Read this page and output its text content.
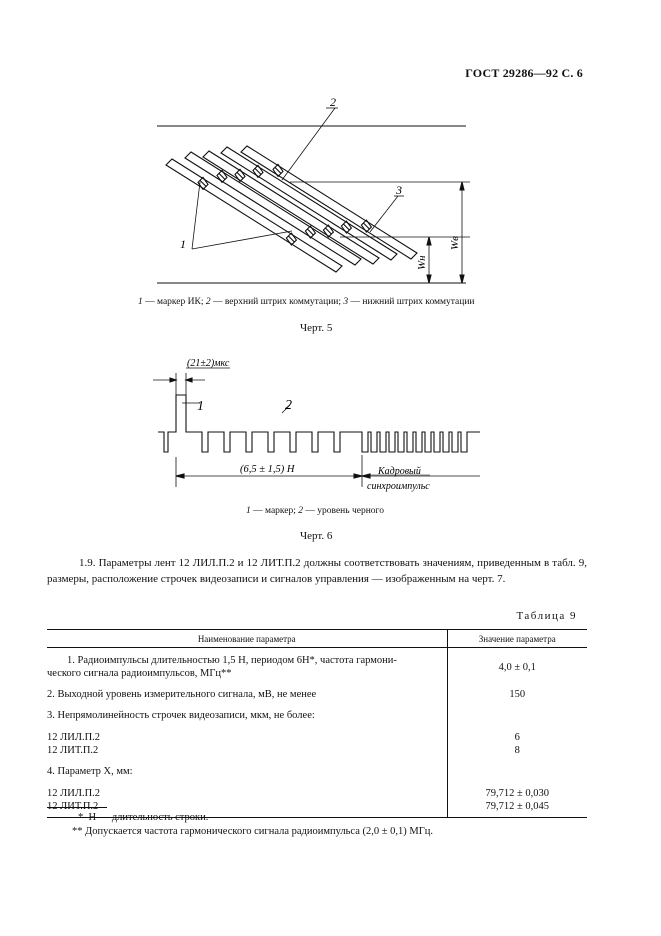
ГОСТ 29286—92 С. 6
2
3
1	Wв
Wн
1 — маркер ИК; 2 — верхний штрих коммутации; 3 — нижний штрих коммутации
Черт. 5
(21±2)мкс
1	2
(6,5 ± 1,5) H	Кадровый
синхроимпульс
1 — маркер; 2 — уровень черного
Черт. 6
1.9. Параметры лент 12 ЛИЛ.П.2 и 12 ЛИТ.П.2 должны соответствовать значениям, приведенным в табл. 9, размеры, расположение строчек видеозаписи и сигналов управления — изображенным на черт. 7.
Таблица 9
Наименование параметра	Значение параметра

1. Радиоимпульсы длительностью 1,5 H, периодом 6H*, частота гармони-
ческого сигнала радиоимпульсов, МГц**	4,0 ± 0,1
2. Выходной уровень измерительного сигнала, мВ, не менее	150
3. Непрямолинейность строчек видеозаписи, мкм, не более:	
12 ЛИЛ.П.2	6
12 ЛИТ.П.2	8
4. Параметр X, мм:	
12 ЛИЛ.П.2	79,712 ± 0,030
12 ЛИТ.П.2	79,712 ± 0,045
* H — длительность строки.
** Допускается частота гармонического сигнала радиоимпульса (2,0 ± 0,1) МГц.
